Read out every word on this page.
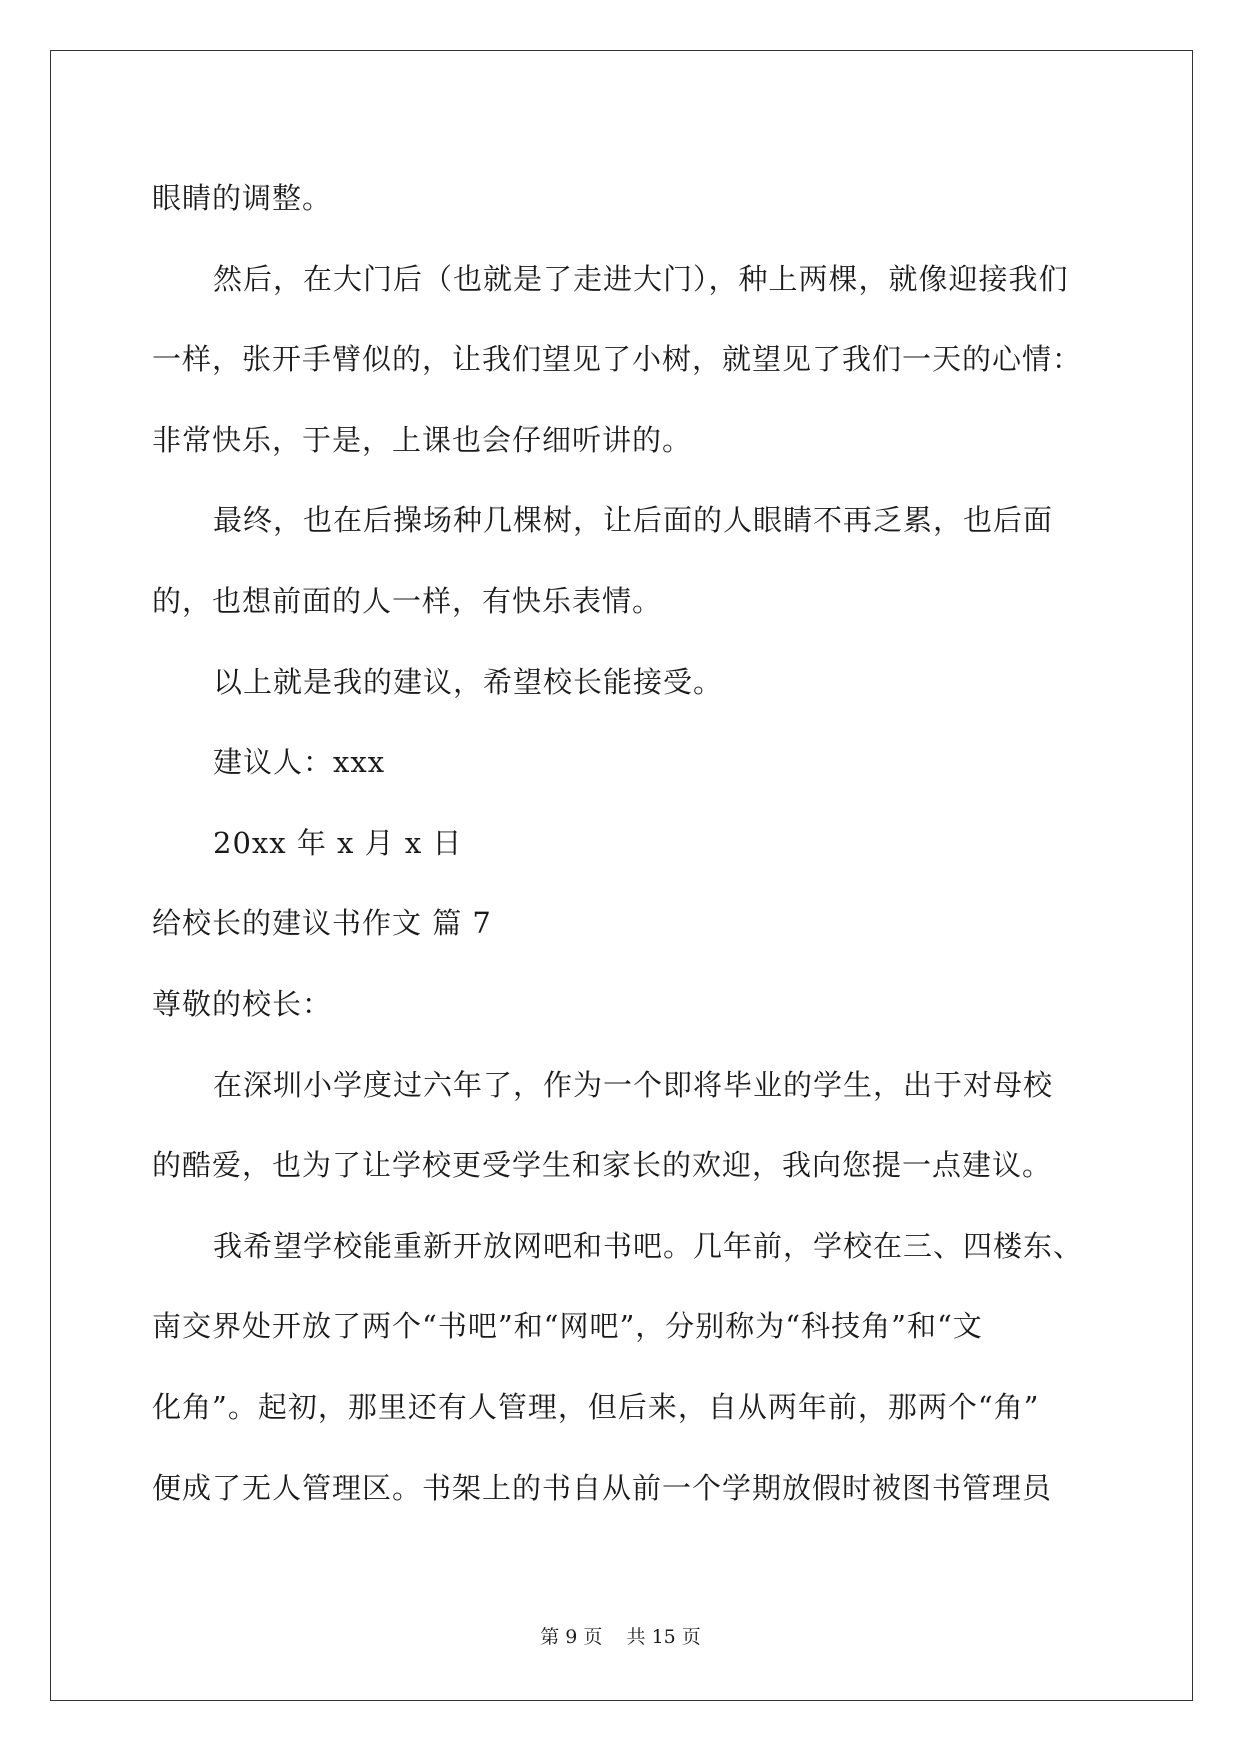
眼睛的调整。
然后，在大门后（也就是了走进大门），种上两棵，就像迎接我们
一样，张开手臂似的，让我们望见了小树，就望见了我们一天的心情：
非常快乐，于是，上课也会仔细听讲的。
最终，也在后操场种几棵树，让后面的人眼睛不再乏累，也后面
的，也想前面的人一样，有快乐表情。
以上就是我的建议，希望校长能接受。
建议人：xxx
20xx 年 x 月 x 日
给校长的建议书作文 篇 7
尊敬的校长：
在深圳小学度过六年了，作为一个即将毕业的学生，出于对母校
的酷爱，也为了让学校更受学生和家长的欢迎，我向您提一点建议。
我希望学校能重新开放网吧和书吧。几年前，学校在三、四楼东、
南交界处开放了两个“书吧”和“网吧”，分别称为“科技角”和“文
化角”。起初，那里还有人管理，但后来，自从两年前，那两个“角”
便成了无人管理区。书架上的书自从前一个学期放假时被图书管理员
第 9 页 共 15 页
